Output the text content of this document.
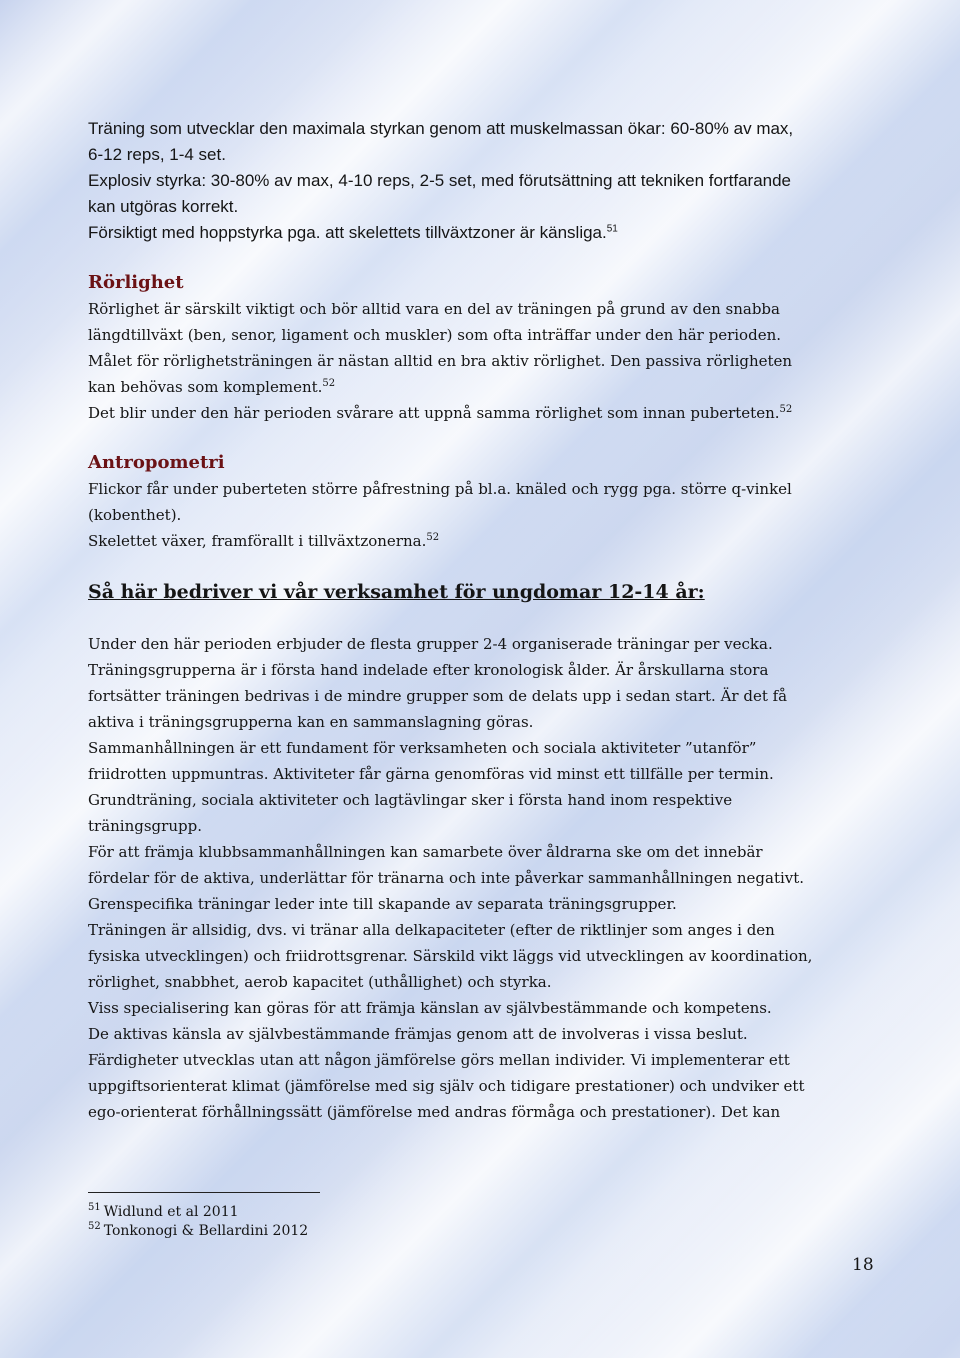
Träning som utvecklar den maximala styrkan genom att muskelmassan ökar: 60-80% av max,
6-12 reps, 1-4 set.
Explosiv styrka: 30-80% av max, 4-10 reps, 2-5 set, med förutsättning att tekniken fortfarande
kan utgöras korrekt.
Försiktigt med hoppstyrka pga. att skelettets tillväxtzoner är känsliga.$^{51}$
Rörlighet
Rörlighet är särskilt viktigt och bör alltid vara en del av träningen på grund av den snabba
längdtillväxt (ben, senor, ligament och muskler) som ofta inträffar under den här perioden.
Målet för rörlighetsträningen är nästan alltid en bra aktiv rörlighet. Den passiva rörligheten
kan behövas som komplement.$^{52}$
Det blir under den här perioden svårare att uppnå samma rörlighet som innan puberteten.$^{52}$
Antropometri
Flickor får under puberteten större påfrestning på bl.a. knäled och rygg pga. större q-vinkel
(kobenthet).
Skelettet växer, framförallt i tillväxtzonerna.$^{52}$
Så här bedriver vi vår verksamhet för ungdomar 12-14 år:
Under den här perioden erbjuder de flesta grupper 2-4 organiserade träningar per vecka.
Träningsgrupperna är i första hand indelade efter kronologisk ålder. Är årskullarna stora
fortsätter träningen bedrivas i de mindre grupper som de delats upp i sedan start. Är det få
aktiva i träningsgrupperna kan en sammanslagning göras.
Sammanhållningen är ett fundament för verksamheten och sociala aktiviteter ”utanför”
friidrotten uppmuntras. Aktiviteter får gärna genomföras vid minst ett tillfälle per termin.
Grundträning, sociala aktiviteter och lagtävlingar sker i första hand inom respektive
träningsgrupp.
För att främja klubbsammanhållningen kan samarbete över åldrarna ske om det innebär
fördelar för de aktiva, underlättar för tränarna och inte påverkar sammanhållningen negativt.
Grenspecifika träningar leder inte till skapande av separata träningsgrupper.
Träningen är allsidig, dvs. vi tränar alla delkapaciteter (efter de riktlinjer som anges i den
fysiska utvecklingen) och friidrottsgrenar. Särskild vikt läggs vid utvecklingen av koordination,
rörlighet, snabbhet, aerob kapacitet (uthållighet) och styrka.
Viss specialisering kan göras för att främja känslan av självbestämmande och kompetens.
De aktivas känsla av självbestämmande främjas genom att de involveras i vissa beslut.
Färdigheter utvecklas utan att någon jämförelse görs mellan individer. Vi implementerar ett
uppgiftsorienterat klimat (jämförelse med sig själv och tidigare prestationer) och undviker ett
ego-orienterat förhållningssätt (jämförelse med andras förmåga och prestationer). Det kan
$^{51}$ Widlund et al 2011
$^{52}$ Tonkonogi & Bellardini 2012
18
